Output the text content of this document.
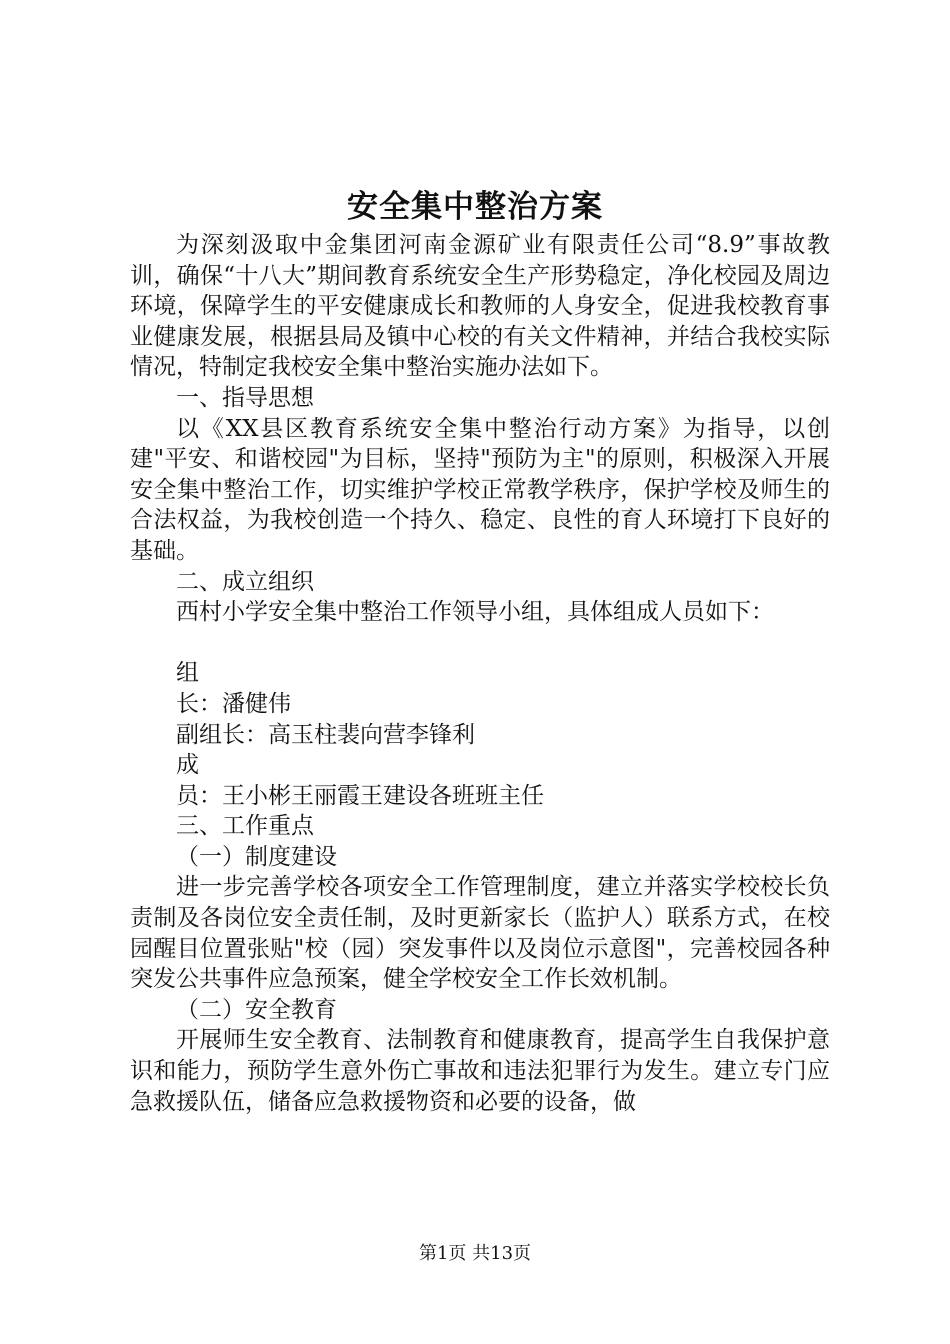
安全集中整治方案

为深刻汲取中金集团河南金源矿业有限责任公司“8.9”事故教训，确保“十八大”期间教育系统安全生产形势稳定，净化校园及周边环境，保障学生的平安健康成长和教师的人身安全，促进我校教育事业健康发展，根据县局及镇中心校的有关文件精神，并结合我校实际情况，特制定我校安全集中整治实施办法如下。

一、指导思想

以《XX县区教育系统安全集中整治行动方案》为指导，以创建"平安、和谐校园"为目标，坚持"预防为主"的原则，积极深入开展安全集中整治工作，切实维护学校正常教学秩序，保护学校及师生的合法权益，为我校创造一个持久、稳定、良性的育人环境打下良好的基础。

二、成立组织

西村小学安全集中整治工作领导小组，具体组成人员如下：

组

长：潘健伟

副组长：高玉柱裴向营李锋利

成

员：王小彬王丽霞王建设各班班主任

三、工作重点

（一）制度建设

进一步完善学校各项安全工作管理制度，建立并落实学校校长负责制及各岗位安全责任制，及时更新家长（监护人）联系方式，在校园醒目位置张贴"校（园）突发事件以及岗位示意图"，完善校园各种突发公共事件应急预案，健全学校安全工作长效机制。

（二）安全教育

开展师生安全教育、法制教育和健康教育，提高学生自我保护意识和能力，预防学生意外伤亡事故和违法犯罪行为发生。建立专门应急救援队伍，储备应急救援物资和必要的设备，做

第1页 共13页
